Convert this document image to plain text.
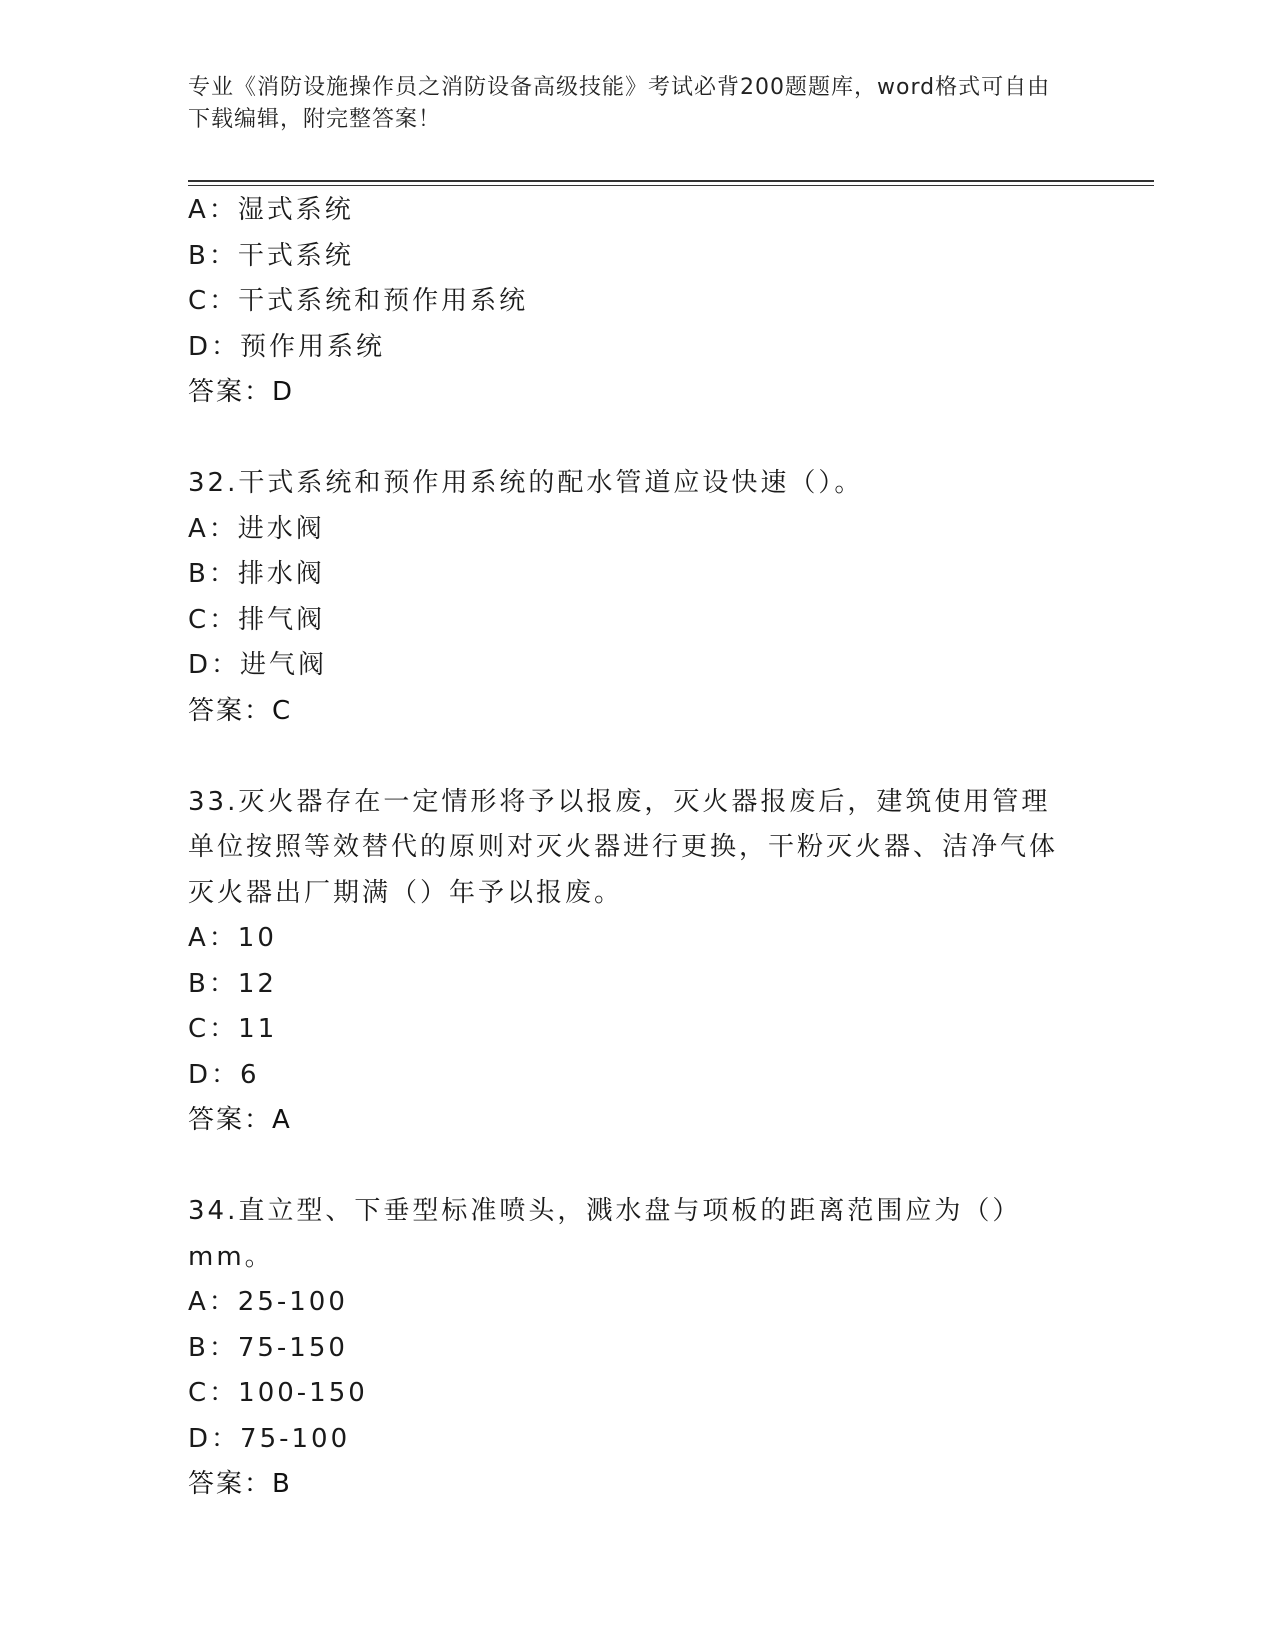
专业《消防设施操作员之消防设备高级技能》考试必背200题题库，word格式可自由下载编辑，附完整答案！
A：湿式系统
B：干式系统
C：干式系统和预作用系统
D：预作用系统
答案：D
32.干式系统和预作用系统的配水管道应设快速（）。
A：进水阀
B：排水阀
C：排气阀
D：进气阀
答案：C
33.灭火器存在一定情形将予以报废，灭火器报废后，建筑使用管理单位按照等效替代的原则对灭火器进行更换，干粉灭火器、洁净气体灭火器出厂期满（）年予以报废。
A：10
B：12
C：11
D：6
答案：A
34.直立型、下垂型标准喷头，溅水盘与项板的距离范围应为（）mm。
A：25-100
B：75-150
C：100-150
D：75-100
答案：B
